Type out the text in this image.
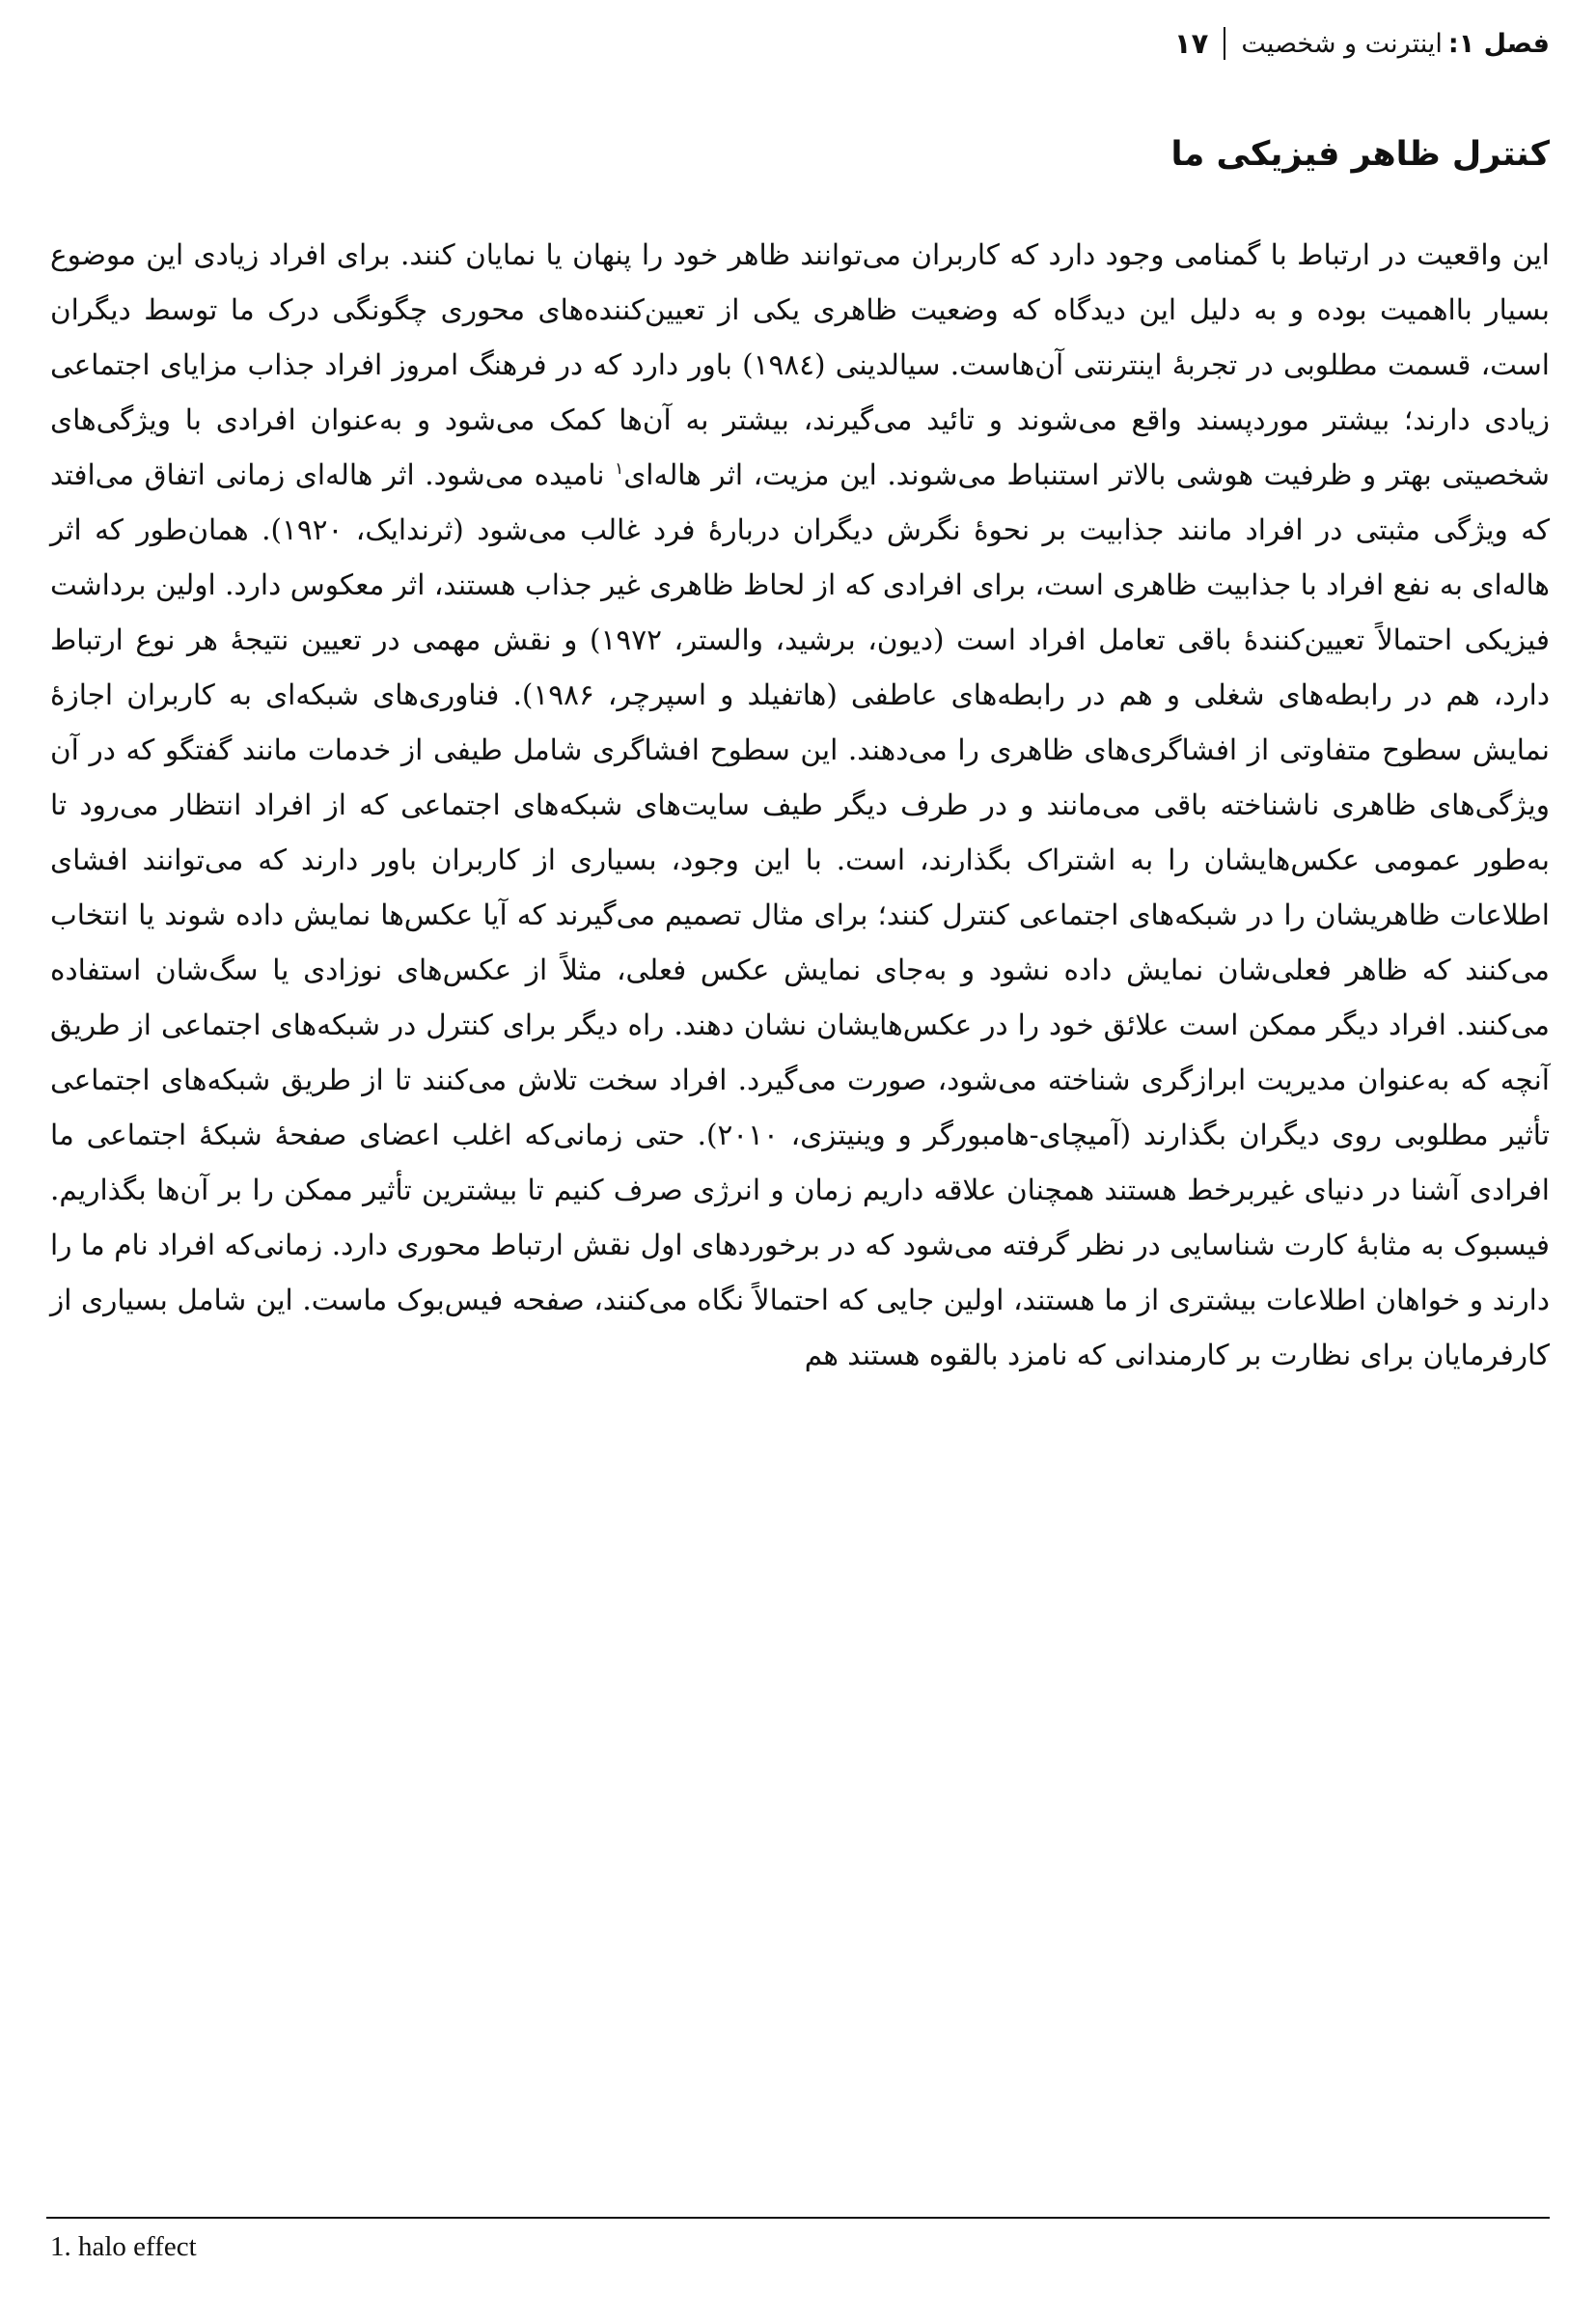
فصل ۱:
اینترنت و شخصیت
۱۷
کنترل ظاهر فیزیکی ما

این واقعیت در ارتباط با گمنامی وجود دارد که کاربران می‌توانند ظاهر خود را پنهان یا نمایان کنند. برای افراد زیادی این موضوع بسیار بااهمیت بوده و به دلیل این دیدگاه که وضعیت ظاهری یکی از تعیین‌کننده‌های محوری چگونگی درک ما توسط دیگران است، قسمت مطلوبی در تجربهٔ اینترنتی آن‌هاست. سیالدینی (۱۹۸٤) باور دارد که در فرهنگ امروز افراد جذاب مزایای اجتماعی زیادی دارند؛ بیشتر موردپسند واقع می‌شوند و تائید می‌گیرند، بیشتر به آن‌ها کمک می‌شود و به‌عنوان افرادی با ویژگی‌های شخصیتی بهتر و ظرفیت هوشی بالاتر استنباط می‌شوند. این مزیت، اثر هاله‌ای$^۱$ نامیده می‌شود. اثر هاله‌ای زمانی اتفاق می‌افتد که ویژگی مثبتی در افراد مانند جذابیت بر نحوهٔ نگرش دیگران دربارهٔ فرد غالب می‌شود (ثرندایک، ۱۹۲۰). همان‌طور که اثر هاله‌ای به نفع افراد با جذابیت ظاهری است، برای افرادی که از لحاظ ظاهری غیر جذاب هستند، اثر معکوس دارد. اولین برداشت فیزیکی احتمالاً تعیین‌کنندهٔ باقی تعامل افراد است (دیون، برشید، والستر، ۱۹۷۲) و نقش مهمی در تعیین نتیجهٔ هر نوع ارتباط دارد، هم در رابطه‌های شغلی و هم در رابطه‌های عاطفی (هاتفیلد و اسپرچر، ۱۹۸۶). فناوری‌های شبکه‌ای به کاربران اجازهٔ نمایش سطوح متفاوتی از افشاگری‌های ظاهری را می‌دهند. این سطوح افشاگری شامل طیفی از خدمات مانند گفتگو که در آن ویژگی‌های ظاهری ناشناخته باقی می‌مانند و در طرف دیگر طیف سایت‌های شبکه‌های اجتماعی که از افراد انتظار می‌رود تا به‌طور عمومی عکس‌هایشان را به اشتراک بگذارند، است. با این وجود، بسیاری از کاربران باور دارند که می‌توانند افشای اطلاعات ظاهریشان را در شبکه‌های اجتماعی کنترل کنند؛ برای مثال تصمیم می‌گیرند که آیا عکس‌ها نمایش داده شوند یا انتخاب می‌کنند که ظاهر فعلی‌شان نمایش داده نشود و به‌جای نمایش عکس فعلی، مثلاً از عکس‌های نوزادی یا سگ‌شان استفاده می‌کنند. افراد دیگر ممکن است علائق خود را در عکس‌هایشان نشان دهند. راه دیگر برای کنترل در شبکه‌های اجتماعی از طریق آنچه که به‌عنوان مدیریت ابرازگری شناخته می‌شود، صورت می‌گیرد. افراد سخت تلاش می‌کنند تا از طریق شبکه‌های اجتماعی تأثیر مطلوبی روی دیگران بگذارند (آمیچای-هامبورگر و وینیتزی، ۲۰۱۰). حتی زمانی‌که اغلب اعضای صفحهٔ شبکهٔ اجتماعی ما افرادی آشنا در دنیای غیربرخط هستند همچنان علاقه داریم زمان و انرژی صرف کنیم تا بیشترین تأثیر ممکن را بر آن‌ها بگذاریم. فیسبوک به مثابهٔ کارت شناسایی در نظر گرفته می‌شود که در برخوردهای اول نقش ارتباط محوری دارد. زمانی‌که افراد نام ما را دارند و خواهان اطلاعات بیشتری از ما هستند، اولین جایی که احتمالاً نگاه می‌کنند، صفحه فیس‌بوک ماست. این شامل بسیاری از کارفرمایان برای نظارت بر کارمندانی که نامزد بالقوه هستند هم

1. halo effect
